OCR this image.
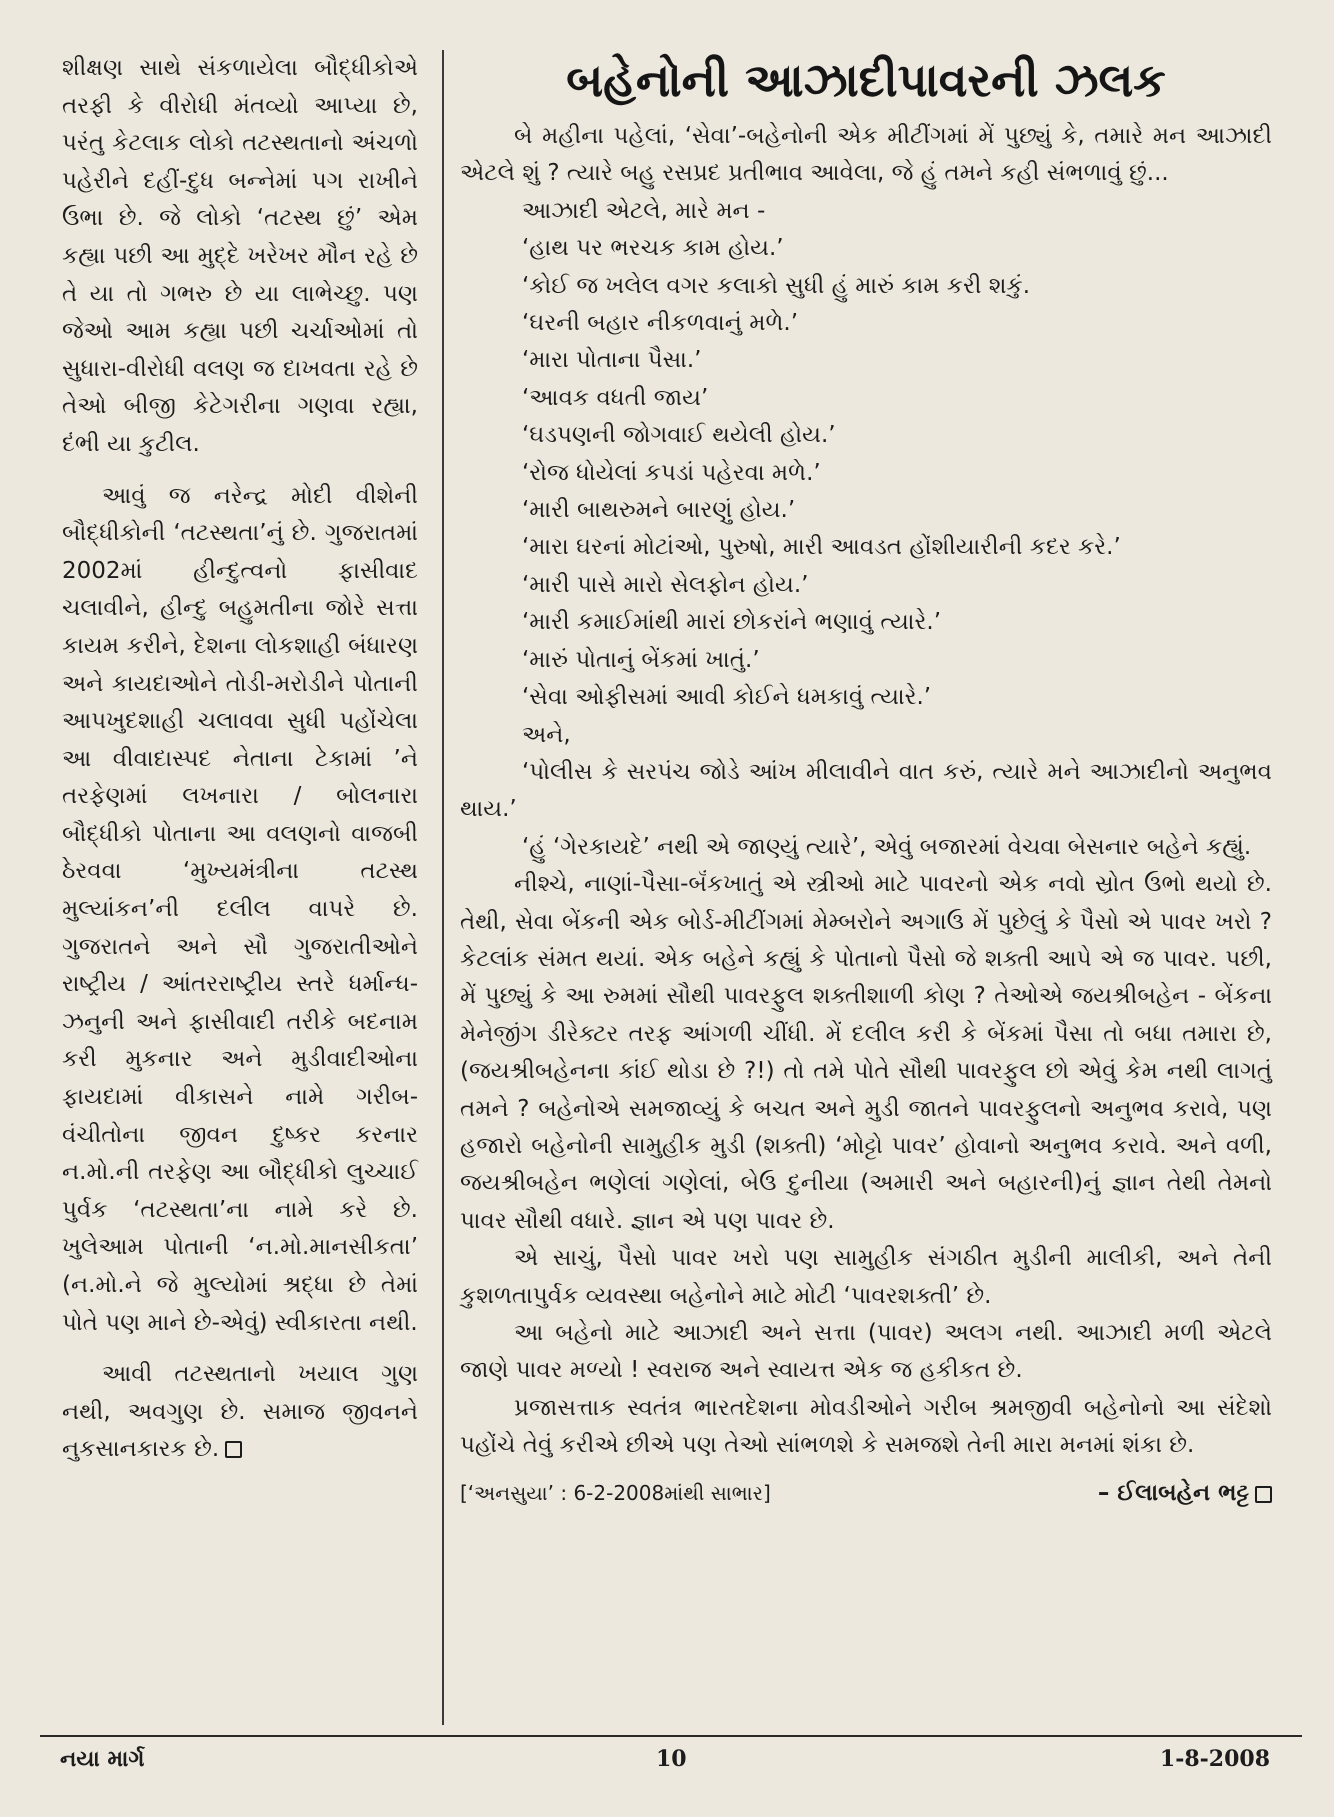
શીક્ષણ સાથે સંકળાયેલા બૌદ્ધીકોએ તરફી કે વીરોધી મંતવ્યો આપ્યા છે, પરંતુ કેટલાક લોકો તટસ્થતાનો અંચળો પહેરીને દહીં-દુધ બન્નેમાં પગ રાખીને ઉભા છે. જે લોકો ‘તટસ્થ છું’ એમ કહ્યા પછી આ મુદ્દે ખરેખર મૌન રહે છે તે યા તો ગભરુ છે યા લાભેચ્છુ. પણ જેઓ આમ કહ્યા પછી ચર્ચાઓમાં તો સુધારા-વીરોધી વલણ જ દાખવતા રહે છે તેઓ બીજી કેટેગરીના ગણવા રહ્યા, દંભી યા કુટીલ.

આવું જ નરેન્દ્ર મોદી વીશેની બૌદ્ધીકોની ‘તટસ્થતા’નું છે. ગુજરાતમાં 2002માં હીન્દુત્વનો ફાસીવાદ ચલાવીને, હીન્દુ બહુમતીના જોરે સત્તા કાયમ કરીને, દેશના લોકશાહી બંધારણ અને કાયદાઓને તોડી-મરોડીને પોતાની આપખુદશાહી ચલાવવા સુધી પહોંચેલા આ વીવાદાસ્પદ નેતાના ટેકામાં ’ને તરફેણમાં લખનારા / બોલનારા બૌદ્ધીકો પોતાના આ વલણનો વાજબી ઠેરવવા ‘મુખ્યમંત્રીના તટસ્થ મુલ્યાંકન’ની દલીલ વાપરે છે. ગુજરાતને અને સૌ ગુજરાતીઓને રાષ્ટ્રીય / આંતરરાષ્ટ્રીય સ્તરે ધર્માન્ધ-ઝનુની અને ફાસીવાદી તરીકે બદનામ કરી મુકનાર અને મુડીવાદીઓના ફાયદામાં વીકાસને નામે ગરીબ-વંચીતોના જીવન દુષ્કર કરનાર ન.મો.ની તરફેણ આ બૌદ્ધીકો લુચ્ચાઈ પુર્વક ‘તટસ્થતા’ના નામે કરે છે. ખુલેઆમ પોતાની ‘ન.મો.માનસીકતા’ (ન.મો.ને જે મુલ્યોમાં શ્રદ્ધા છે તેમાં પોતે પણ માને છે-એવું) સ્વીકારતા નથી.

આવી તટસ્થતાનો ખયાલ ગુણ નથી, અવગુણ છે. સમાજ જીવનને નુકસાનકારક છે.

બહેનોની આઝાદીપાવરની ઝલક

બે મહીના પહેલાં, ‘સેવા’-બહેનોની એક મીટીંગમાં મેં પુછ્યું કે, તમારે મન આઝાદી એટલે શું ? ત્યારે બહુ રસપ્રદ પ્રતીભાવ આવેલા, જે હું તમને કહી સંભળાવું છું...

આઝાદી એટલે, મારે મન -

‘હાથ પર ભરચક કામ હોય.’

‘કોઈ જ ખલેલ વગર કલાકો સુધી હું મારું કામ કરી શકું.

‘ઘરની બહાર નીકળવાનું મળે.’

‘મારા પોતાના પૈસા.’

‘આવક વધતી જાય’

‘ઘડપણની જોગવાઈ થયેલી હોય.’

‘રોજ ધોયેલાં કપડાં પહેરવા મળે.’

‘મારી બાથરુમને બારણું હોય.’

‘મારા ઘરનાં મોટાંઓ, પુરુષો, મારી આવડત હોંશીયારીની કદર કરે.’

‘મારી પાસે મારો સેલફોન હોય.’

‘મારી કમાઈમાંથી મારાં છોકરાંને ભણાવું ત્યારે.’

‘મારું પોતાનું બેંકમાં ખાતું.’

‘સેવા ઓફીસમાં આવી કોઈને ધમકાવું ત્યારે.’

અને,

‘પોલીસ કે સરપંચ જોડે આંખ મીલાવીને વાત કરું, ત્યારે મને આઝાદીનો અનુભવ થાય.’

‘હું ‘ગેરકાયદે’ નથી એ જાણ્યું ત્યારે’, એવું બજારમાં વેચવા બેસનાર બહેને કહ્યું.

નીશ્ચે, નાણાં-પૈસા-બૅંકખાતું એ સ્ત્રીઓ માટે પાવરનો એક નવો સ્રોત ઉભો થયો છે. તેથી, સેવા બેંકની એક બોર્ડ-મીટીંગમાં મેમ્બરોને અગાઉ મેં પુછેલું કે પૈસો એ પાવર ખરો ? કેટલાંક સંમત થયાં. એક બહેને કહ્યું કે પોતાનો પૈસો જે શક્તી આપે એ જ પાવર. પછી, મેં પુછ્યું કે આ રુમમાં સૌથી પાવરફુલ શક્તીશાળી કોણ ? તેઓએ જયશ્રીબહેન - બેંકના મેનેજીંગ ડીરેક્ટર તરફ આંગળી ચીંધી. મેં દલીલ કરી કે બેંકમાં પૈસા તો બધા તમારા છે, (જયશ્રીબહેનના કાંઈ થોડા છે ?!) તો તમે પોતે સૌથી પાવરફુલ છો એવું કેમ નથી લાગતું તમને ? બહેનોએ સમજાવ્યું કે બચત અને મુડી જાતને પાવરફુલનો અનુભવ કરાવે, પણ હજારો બહેનોની સામુહીક મુડી (શક્તી) ‘મોટ્ટો પાવર’ હોવાનો અનુભવ કરાવે. અને વળી, જયશ્રીબહેન ભણેલાં ગણેલાં, બેઉ દુનીયા (અમારી અને બહારની)નું જ્ઞાન તેથી તેમનો પાવર સૌથી વધારે. જ્ઞાન એ પણ પાવર છે.

એ સાચું, પૈસો પાવર ખરો પણ સામુહીક સંગઠીત મુડીની માલીકી, અને તેની કુશળતાપુર્વક વ્યવસ્થા બહેનોને માટે મોટી ‘પાવરશક્તી’ છે.

આ બહેનો માટે આઝાદી અને સત્તા (પાવર) અલગ નથી. આઝાદી મળી એટલે જાણે પાવર મળ્યો ! સ્વરાજ અને સ્વાયત્ત એક જ હકીકત છે.

પ્રજાસત્તાક સ્વતંત્ર ભારતદેશના મોવડીઓને ગરીબ શ્રમજીવી બહેનોનો આ સંદેશો પહોંચે તેવું કરીએ છીએ પણ તેઓ સાંભળશે કે સમજશે તેની મારા મનમાં શંકા છે.

[‘અનસુયા’ : 6-2-2008માંથી સાભાર]	– ઈલાબહેન ભટ્ટ
નયા માર્ગ	10	1-8-2008
